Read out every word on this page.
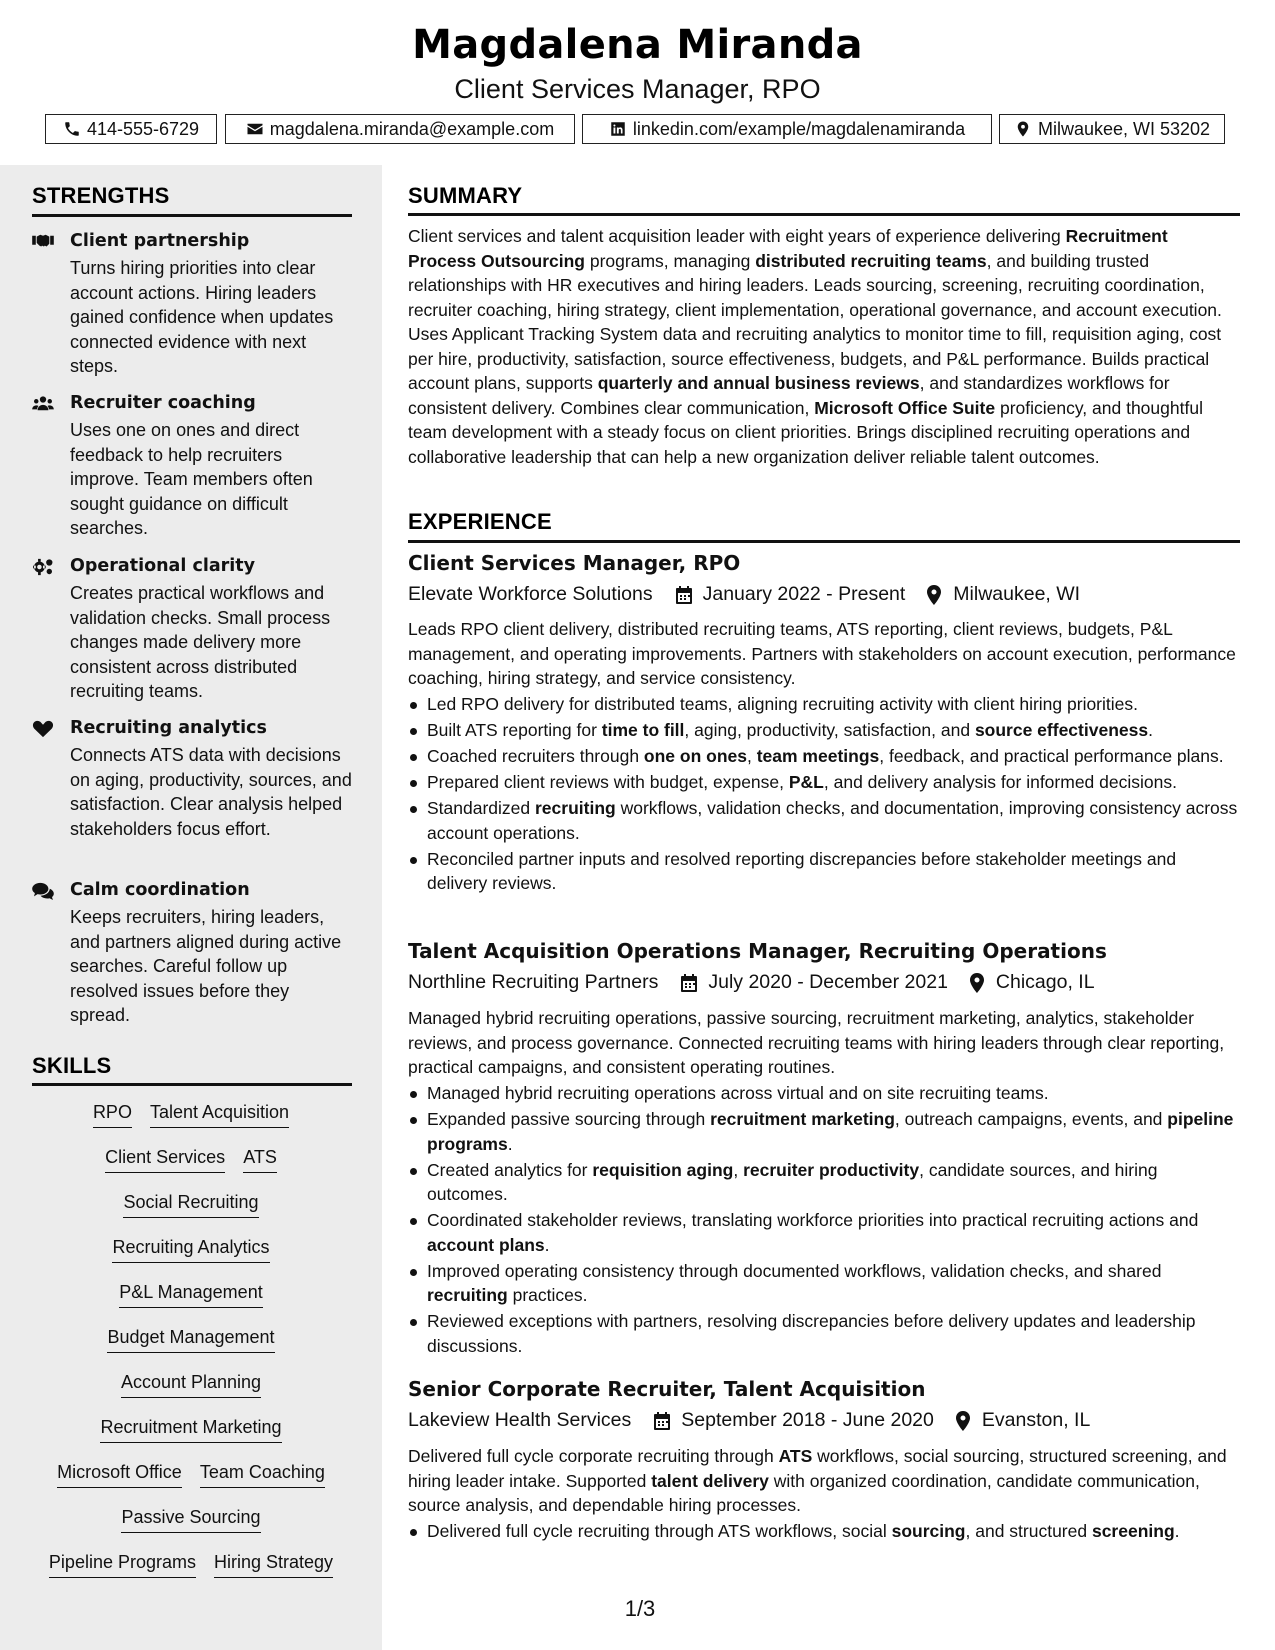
Magdalena Miranda
Client Services Manager, RPO
414-555-6729	magdalena.miranda@example.com	linkedin.com/example/magdalenamiranda	Milwaukee, WI 53202
STRENGTHS
Client partnership
Turns hiring priorities into clear account actions. Hiring leaders gained confidence when updates connected evidence with next steps.
Recruiter coaching
Uses one on ones and direct feedback to help recruiters improve. Team members often sought guidance on difficult searches.
Operational clarity
Creates practical workflows and validation checks. Small process changes made delivery more consistent across distributed recruiting teams.
Recruiting analytics
Connects ATS data with decisions on aging, productivity, sources, and satisfaction. Clear analysis helped stakeholders focus effort.
Calm coordination
Keeps recruiters, hiring leaders, and partners aligned during active searches. Careful follow up resolved issues before they spread.
SKILLS
RPO Talent Acquisition
Client Services ATS
Social Recruiting
Recruiting Analytics
P&L Management
Budget Management
Account Planning
Recruitment Marketing
Microsoft Office Team Coaching
Passive Sourcing
Pipeline Programs Hiring Strategy
SUMMARY
Client services and talent acquisition leader with eight years of experience delivering Recruitment Process Outsourcing programs, managing distributed recruiting teams, and building trusted relationships with HR executives and hiring leaders. Leads sourcing, screening, recruiting coordination, recruiter coaching, hiring strategy, client implementation, operational governance, and account execution. Uses Applicant Tracking System data and recruiting analytics to monitor time to fill, requisition aging, cost per hire, productivity, satisfaction, source effectiveness, budgets, and P&L performance. Builds practical account plans, supports quarterly and annual business reviews, and standardizes workflows for consistent delivery. Combines clear communication, Microsoft Office Suite proficiency, and thoughtful team development with a steady focus on client priorities. Brings disciplined recruiting operations and collaborative leadership that can help a new organization deliver reliable talent outcomes.
EXPERIENCE
Client Services Manager, RPO
Elevate Workforce Solutions	January 2022 - Present Milwaukee, WI
Leads RPO client delivery, distributed recruiting teams, ATS reporting, client reviews, budgets, P&L management, and operating improvements. Partners with stakeholders on account execution, performance coaching, hiring strategy, and service consistency.
Led RPO delivery for distributed teams, aligning recruiting activity with client hiring priorities.
Built ATS reporting for time to fill, aging, productivity, satisfaction, and source effectiveness.
Coached recruiters through one on ones, team meetings, feedback, and practical performance plans.
Prepared client reviews with budget, expense, P&L, and delivery analysis for informed decisions.
Standardized recruiting workflows, validation checks, and documentation, improving consistency across account operations.
Reconciled partner inputs and resolved reporting discrepancies before stakeholder meetings and delivery reviews.
Talent Acquisition Operations Manager, Recruiting Operations
Northline Recruiting Partners	July 2020 - December 2021 Chicago, IL
Managed hybrid recruiting operations, passive sourcing, recruitment marketing, analytics, stakeholder reviews, and process governance. Connected recruiting teams with hiring leaders through clear reporting, practical campaigns, and consistent operating routines.
Managed hybrid recruiting operations across virtual and on site recruiting teams.
Expanded passive sourcing through recruitment marketing, outreach campaigns, events, and pipeline programs.
Created analytics for requisition aging, recruiter productivity, candidate sources, and hiring outcomes.
Coordinated stakeholder reviews, translating workforce priorities into practical recruiting actions and account plans.
Improved operating consistency through documented workflows, validation checks, and shared recruiting practices.
Reviewed exceptions with partners, resolving discrepancies before delivery updates and leadership discussions.
Senior Corporate Recruiter, Talent Acquisition
Lakeview Health Services	September 2018 - June 2020 Evanston, IL
Delivered full cycle corporate recruiting through ATS workflows, social sourcing, structured screening, and hiring leader intake. Supported talent delivery with organized coordination, candidate communication, source analysis, and dependable hiring processes.
Delivered full cycle recruiting through ATS workflows, social sourcing, and structured screening.
1/3
